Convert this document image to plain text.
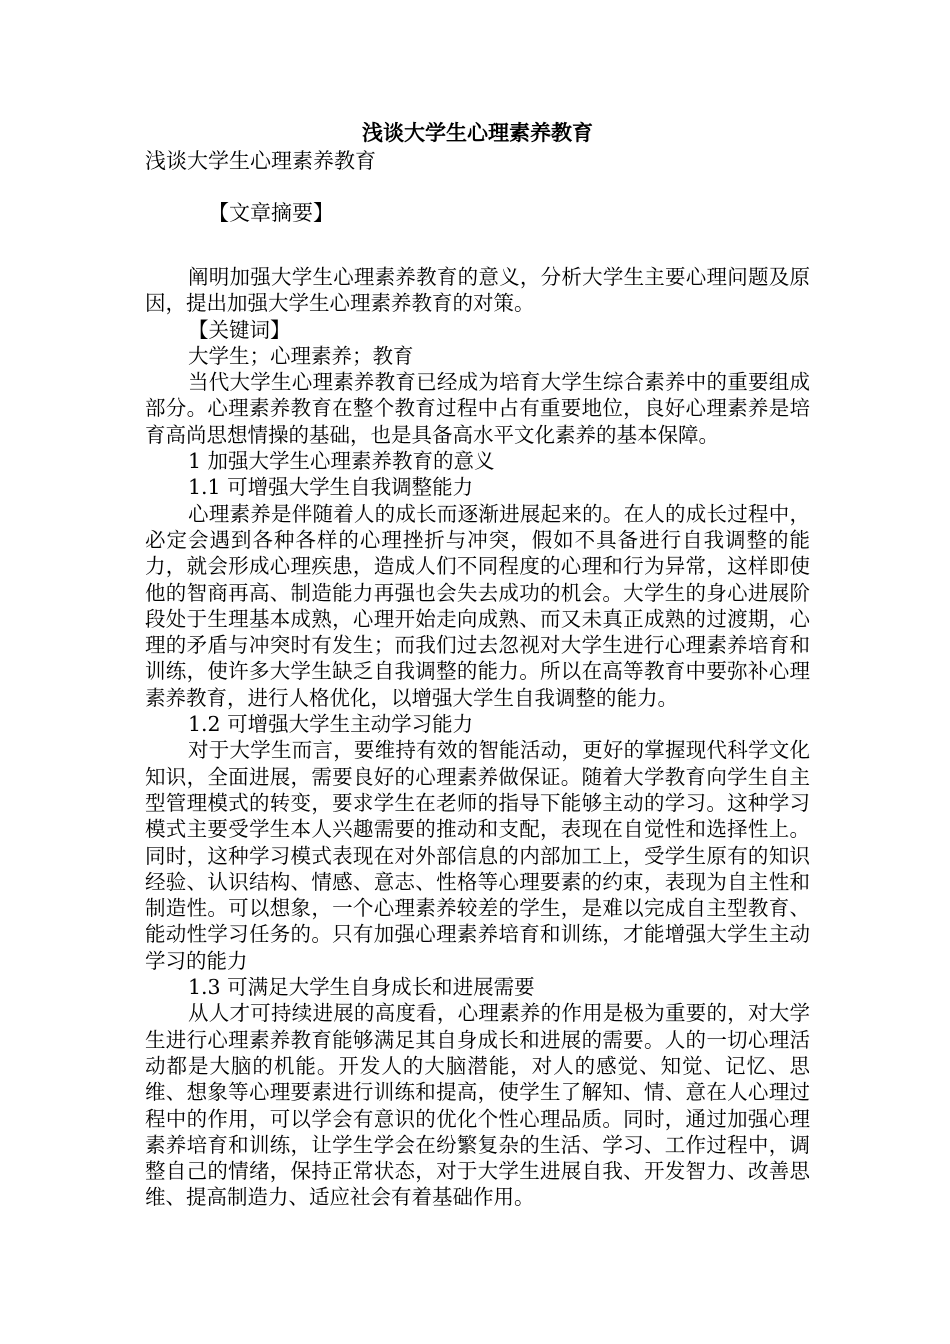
浅谈大学生心理素养教育
浅谈大学生心理素养教育
【文章摘要】

阐明加强大学生心理素养教育的意义，分析大学生主要心理问题及原因，提出加强大学生心理素养教育的对策。

【关键词】

大学生；心理素养；教育

当代大学生心理素养教育已经成为培育大学生综合素养中的重要组成部分。心理素养教育在整个教育过程中占有重要地位，良好心理素养是培育高尚思想情操的基础，也是具备高水平文化素养的基本保障。

1 加强大学生心理素养教育的意义

1.1 可增强大学生自我调整能力

心理素养是伴随着人的成长而逐渐进展起来的。在人的成长过程中，必定会遇到各种各样的心理挫折与冲突，假如不具备进行自我调整的能力，就会形成心理疾患，造成人们不同程度的心理和行为异常，这样即使他的智商再高、制造能力再强也会失去成功的机会。大学生的身心进展阶段处于生理基本成熟，心理开始走向成熟、而又未真正成熟的过渡期，心理的矛盾与冲突时有发生；而我们过去忽视对大学生进行心理素养培育和训练，使许多大学生缺乏自我调整的能力。所以在高等教育中要弥补心理素养教育，进行人格优化，以增强大学生自我调整的能力。

1.2 可增强大学生主动学习能力

对于大学生而言，要维持有效的智能活动，更好的掌握现代科学文化知识，全面进展，需要良好的心理素养做保证。随着大学教育向学生自主型管理模式的转变，要求学生在老师的指导下能够主动的学习。这种学习模式主要受学生本人兴趣需要的推动和支配，表现在自觉性和选择性上。同时，这种学习模式表现在对外部信息的内部加工上，受学生原有的知识经验、认识结构、情感、意志、性格等心理要素的约束，表现为自主性和制造性。可以想象，一个心理素养较差的学生，是难以完成自主型教育、能动性学习任务的。只有加强心理素养培育和训练，才能增强大学生主动学习的能力

1.3 可满足大学生自身成长和进展需要

从人才可持续进展的高度看，心理素养的作用是极为重要的，对大学生进行心理素养教育能够满足其自身成长和进展的需要。人的一切心理活动都是大脑的机能。开发人的大脑潜能，对人的感觉、知觉、记忆、思维、想象等心理要素进行训练和提高，使学生了解知、情、意在人心理过程中的作用，可以学会有意识的优化个性心理品质。同时，通过加强心理素养培育和训练，让学生学会在纷繁复杂的生活、学习、工作过程中，调整自己的情绪，保持正常状态，对于大学生进展自我、开发智力、改善思维、提高制造力、适应社会有着基础作用。
